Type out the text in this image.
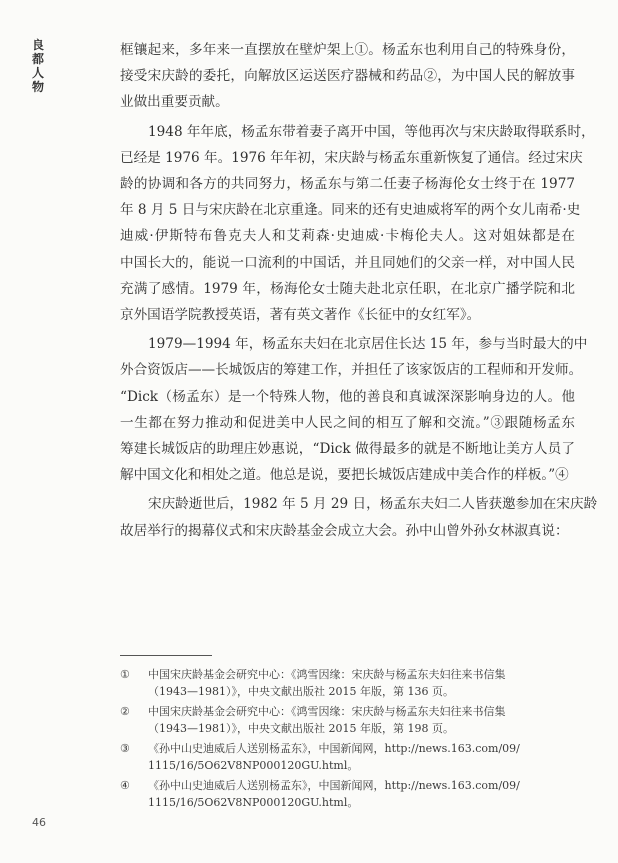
良
都
人
物
框镶起来，多年来一直摆放在壁炉架上①。杨孟东也利用自己的特殊身份，
接受宋庆龄的委托，向解放区运送医疗器械和药品②，为中国人民的解放事
业做出重要贡献。
1948 年年底，杨孟东带着妻子离开中国，等他再次与宋庆龄取得联系时，
已经是 1976 年。1976 年年初，宋庆龄与杨孟东重新恢复了通信。经过宋庆
龄的协调和各方的共同努力，杨孟东与第二任妻子杨海伦女士终于在 1977
年 8 月 5 日与宋庆龄在北京重逢。同来的还有史迪威将军的两个女儿南希·史
迪威·伊斯特布鲁克夫人和艾莉森·史迪威·卡梅伦夫人。这对姐妹都是在
中国长大的，能说一口流利的中国话，并且同她们的父亲一样，对中国人民
充满了感情。1979 年，杨海伦女士随夫赴北京任职，在北京广播学院和北
京外国语学院教授英语，著有英文著作《长征中的女红军》。
1979—1994 年，杨孟东夫妇在北京居住长达 15 年，参与当时最大的中
外合资饭店——长城饭店的筹建工作，并担任了该家饭店的工程师和开发师。
“Dick（杨孟东）是一个特殊人物，他的善良和真诚深深影响身边的人。他
一生都在努力推动和促进美中人民之间的相互了解和交流。”③跟随杨孟东
筹建长城饭店的助理庄妙惠说，“Dick 做得最多的就是不断地让美方人员了
解中国文化和相处之道。他总是说，要把长城饭店建成中美合作的样板。”④
宋庆龄逝世后，1982 年 5 月 29 日，杨孟东夫妇二人皆获邀参加在宋庆龄
故居举行的揭幕仪式和宋庆龄基金会成立大会。孙中山曾外孙女林淑真说：
① 中国宋庆龄基金会研究中心：《鸿雪因缘：宋庆龄与杨孟东夫妇往来书信集
（1943—1981）》，中央文献出版社 2015 年版，第 136 页。
② 中国宋庆龄基金会研究中心：《鸿雪因缘：宋庆龄与杨孟东夫妇往来书信集
（1943—1981）》，中央文献出版社 2015 年版，第 198 页。
③ 《孙中山史迪威后人送别杨孟东》，中国新闻网，http://news.163.com/09/
1115/16/5O62V8NP000120GU.html。
④ 《孙中山史迪威后人送别杨孟东》，中国新闻网，http://news.163.com/09/
1115/16/5O62V8NP000120GU.html。
46
